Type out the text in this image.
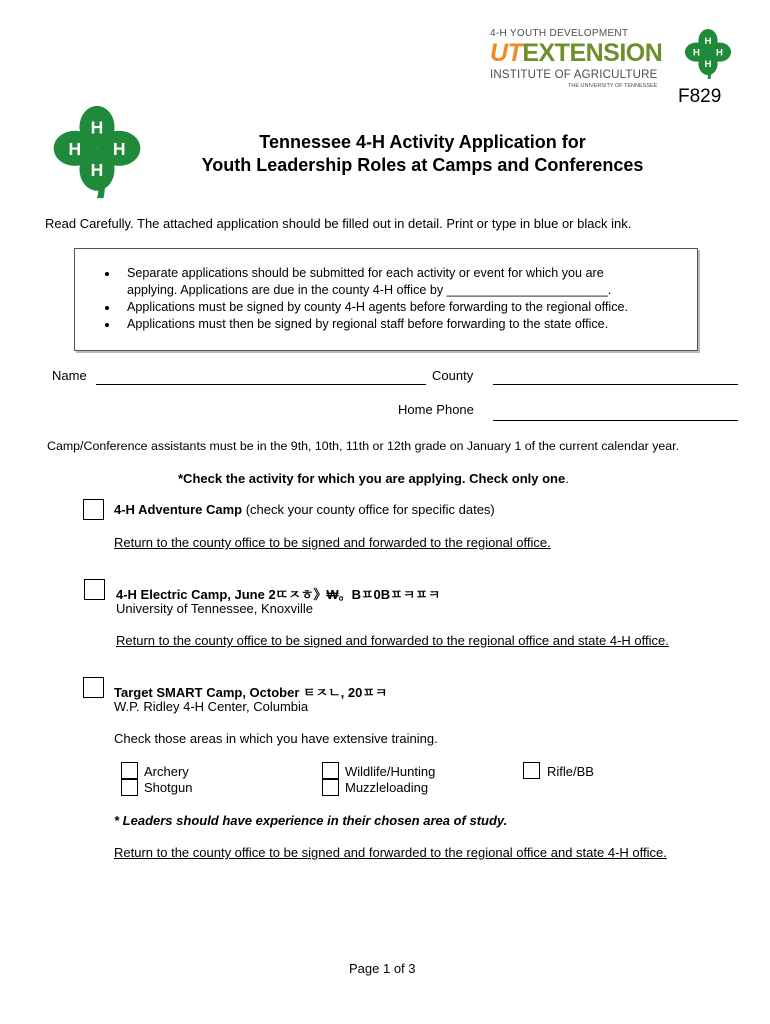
4-H YOUTH DEVELOPMENT
UTEXTENSION
INSTITUTE OF AGRICULTURE
THE UNIVERSITY OF TENNESSEE
H
H
H H
F829
H
H
H H	Tennessee 4-H Activity Application for
Youth Leadership Roles at Camps and Conferences
Read Carefully. The attached application should be filled out in detail. Print or type in blue or black ink.
Separate applications should be submitted for each activity or event for which you are
applying. Applications are due in the county 4-H office by _______________________.
Applications must be signed by county 4-H agents before forwarding to the regional office.
Applications must then be signed by regional staff before forwarding to the state office.
Name	County
Home Phone
Camp/Conference assistants must be in the 9th, 10th, 11th or 12th grade on January 1 of the current calendar year.
*Check the activity for which you are applying. Check only one.
4-H Adventure Camp (check your county office for specific dates)
Return to the county office to be signed and forwarded to the regional office.
4-H Electric Camp, June 2ㄸㅈㅎ》₩。Bㅍ0Bㅍㅋㅍㅋ
University of Tennessee, Knoxville
Return to the county office to be signed and forwarded to the regional office and state 4-H office.
Target SMART Camp, October ㅌㅈㄴ, 20ㅍㅋ
W.P. Ridley 4-H Center, Columbia
Check those areas in which you have extensive training.
Archery
Shotgun
Wildlife/Hunting
Muzzleloading
Rifle/BB
* Leaders should have experience in their chosen area of study.
Return to the county office to be signed and forwarded to the regional office and state 4-H office.
Page 1 of 3
